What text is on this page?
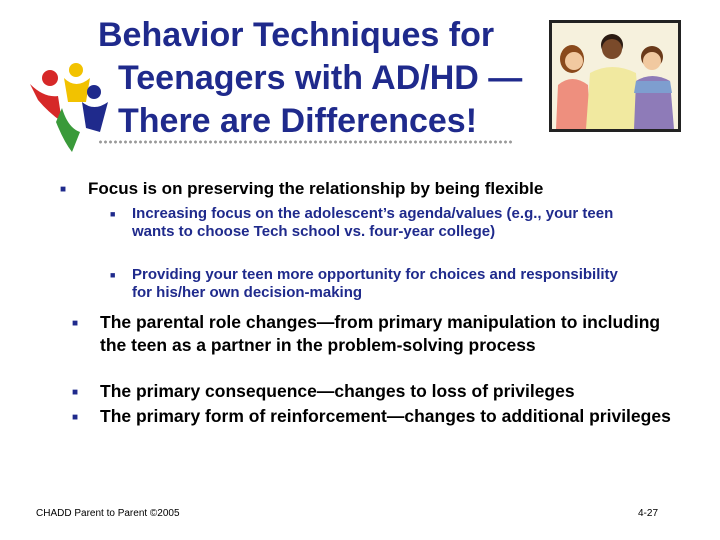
Behavior Techniques for
Teenagers with AD/HD —
There are Differences!
■	Focus is on preserving the relationship by being flexible
■	Increasing focus on the adolescent’s agenda/values (e.g., your teen wants to choose Tech school vs. four-year college)
■	Providing your teen more opportunity for choices and responsibility for his/her own decision-making
■	The parental role changes—from primary manipulation to including the teen as a partner in the problem-solving process
■	The primary consequence—changes to loss of privileges
■	The primary form of reinforcement—changes to additional privileges
CHADD Parent to Parent ©2005	4-27
